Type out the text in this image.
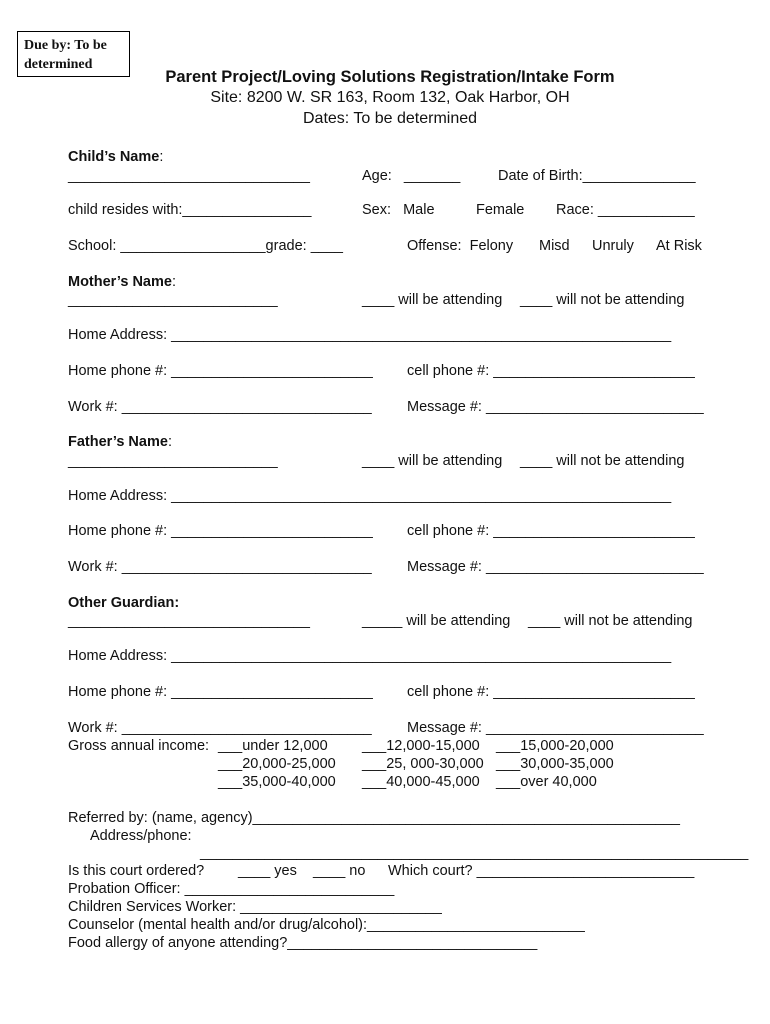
Due by: To be determined
Parent Project/Loving Solutions Registration/Intake Form
Site: 8200 W. SR 163, Room 132, Oak Harbor, OH
Dates: To be determined
Child’s Name:
______________________________	Age:   _______	Date of Birth:______________
child resides with:________________	Sex:   Male	Female Race: ____________
School: __________________grade: ____	Offense:  Felony Misd Unruly At Risk
Mother’s Name:
__________________________	____ will be attending ____ will not be attending
Home Address: ______________________________________________________________
Home phone #: _________________________ cell phone #: _________________________
Work #: _______________________________ Message #: ___________________________
Father’s Name:
__________________________	____ will be attending ____ will not be attending
Home Address: ______________________________________________________________
Home phone #: _________________________ cell phone #: _________________________
Work #: _______________________________ Message #: ___________________________
Other Guardian:
______________________________	_____ will be attending ____ will not be attending
Home Address: ______________________________________________________________
Home phone #: _________________________ cell phone #: _________________________
Work #: _______________________________ Message #: ___________________________
Gross annual income: ___under 12,000 ___12,000-15,000 ___15,000-20,000
___20,000-25,000 ___25, 000-30,000 ___30,000-35,000
___35,000-40,000 ___40,000-45,000 ___over 40,000
Referred by: (name, agency)_____________________________________________________
Address/phone:
____________________________________________________________________
Is this court ordered? ____ yes ____ no Which court? ___________________________
Probation Officer: __________________________
Children Services Worker: _________________________
Counselor (mental health and/or drug/alcohol):___________________________
Food allergy of anyone attending?_______________________________
